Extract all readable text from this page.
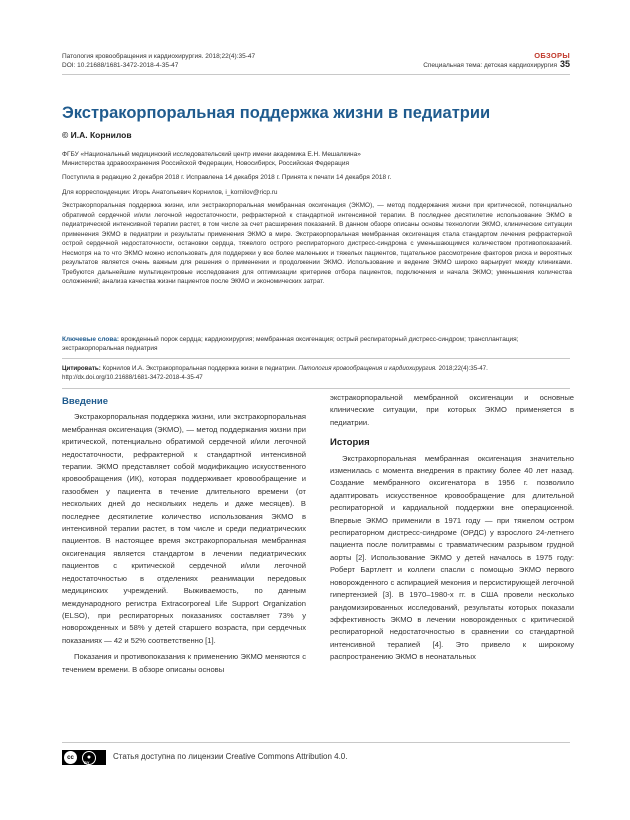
Патология кровообращения и кардиохирургия. 2018;22(4):35-47
DOI: 10.21688/1681-3472-2018-4-35-47
ОБЗОРЫ
Специальная тема: детская кардиохирургия 35
Экстракорпоральная поддержка жизни в педиатрии
© И.А. Корнилов
ФГБУ «Национальный медицинский исследовательский центр имени академика Е.Н. Мешалкина»
Министерства здравоохранения Российской Федерации, Новосибирск, Российская Федерация
Поступила в редакцию 2 декабря 2018 г. Исправлена 14 декабря 2018 г. Принята к печати 14 декабря 2018 г.
Для корреспонденции: Игорь Анатольевич Корнилов, i_kornilov@ricp.ru
Экстракорпоральная поддержка жизни, или экстракорпоральная мембранная оксигенация (ЭКМО), — метод поддержания жизни при критической, потенциально обратимой сердечной и/или легочной недостаточности, рефрактерной к стандартной интенсивной терапии. В последнее десятилетие использование ЭКМО в педиатрической интенсивной терапии растет, в том числе за счет расширения показаний. В данном обзоре описаны основы технологии ЭКМО, клинические ситуации применения ЭКМО в педиатрии и результаты применения ЭКМО в мире. Экстракорпоральная мембранная оксигенация стала стандартом лечения рефрактерной острой сердечной недостаточности, остановки сердца, тяжелого острого респираторного дистресс-синдрома с уменьшающимся количеством противопоказаний. Несмотря на то что ЭКМО можно использовать для поддержки у все более маленьких и тяжелых пациентов, тщательное рассмотрение факторов риска и вероятных результатов является очень важным для решения о применении и продолжении ЭКМО. Использование и ведение ЭКМО широко варьирует между клиниками. Требуются дальнейшие мультицентровые исследования для оптимизации критериев отбора пациентов, подключения и начала ЭКМО; уменьшения количества осложнений; анализа качества жизни пациентов после ЭКМО и экономических затрат.
Ключевые слова: врожденный порок сердца; кардиохирургия; мембранная оксигенация; острый респираторный дистресс-синдром; трансплантация; экстракорпоральная педиатрия
Цитировать: Корнилов И.А. Экстракорпоральная поддержка жизни в педиатрии. Патология кровообращения и кардиохирургия. 2018;22(4):35-47.
http://dx.doi.org/10.21688/1681-3472-2018-4-35-47
Введение

Экстракорпоральная поддержка жизни, или экстракорпоральная мембранная оксигенация (ЭКМО), — метод поддержания жизни при критической, потенциально обратимой сердечной и/или легочной недостаточности, рефрактерной к стандартной интенсивной терапии. ЭКМО представляет собой модификацию искусственного кровообращения (ИК), которая поддерживает кровообращение и газообмен у пациента в течение длительного времени (от нескольких дней до нескольких недель и даже месяцев). В последнее десятилетие количество использования ЭКМО в интенсивной терапии растет, в том числе и среди педиатрических пациентов. В настоящее время экстракорпоральная мембранная оксигенация является стандартом в лечении педиатрических пациентов с критической сердечной и/или легочной недостаточностью в отделениях реанимации передовых медицинских учреждений. Выживаемость, по данным международного регистра Extracorporeal Life Support Organization (ELSO), при респираторных показаниях составляет 73% у новорожденных и 58% у детей старшего возраста, при сердечных показаниях — 42 и 52% соответственно [1].

Показания и противопоказания к применению ЭКМО меняются с течением времени. В обзоре описаны основы

экстракорпоральной мембранной оксигенации и основные клинические ситуации, при которых ЭКМО применяется в педиатрии.

История

Экстракорпоральная мембранная оксигенация значительно изменилась с момента внедрения в практику более 40 лет назад. Создание мембранного оксигенатора в 1956 г. позволило адаптировать искусственное кровообращение для длительной респираторной и кардиальной поддержки вне операционной. Впервые ЭКМО применили в 1971 году — при тяжелом остром респираторном дистресс-синдроме (ОРДС) у взрослого 24-летнего пациента после политравмы с травматическим разрывом грудной аорты [2]. Использование ЭКМО у детей началось в 1975 году: Роберт Бартлетт и коллеги спасли с помощью ЭКМО первого новорожденного с аспирацией мекония и персистирующей легочной гипертензией [3]. В 1970–1980-х гг. в США провели несколько рандомизированных исследований, результаты которых показали эффективность ЭКМО в лечении новорожденных с критической респираторной недостаточностью в сравнении со стандартной интенсивной терапией [4]. Это привело к широкому распространению ЭКМО в неонатальных

cc	●
BY
Статья доступна по лицензии Creative Commons Attribution 4.0.
